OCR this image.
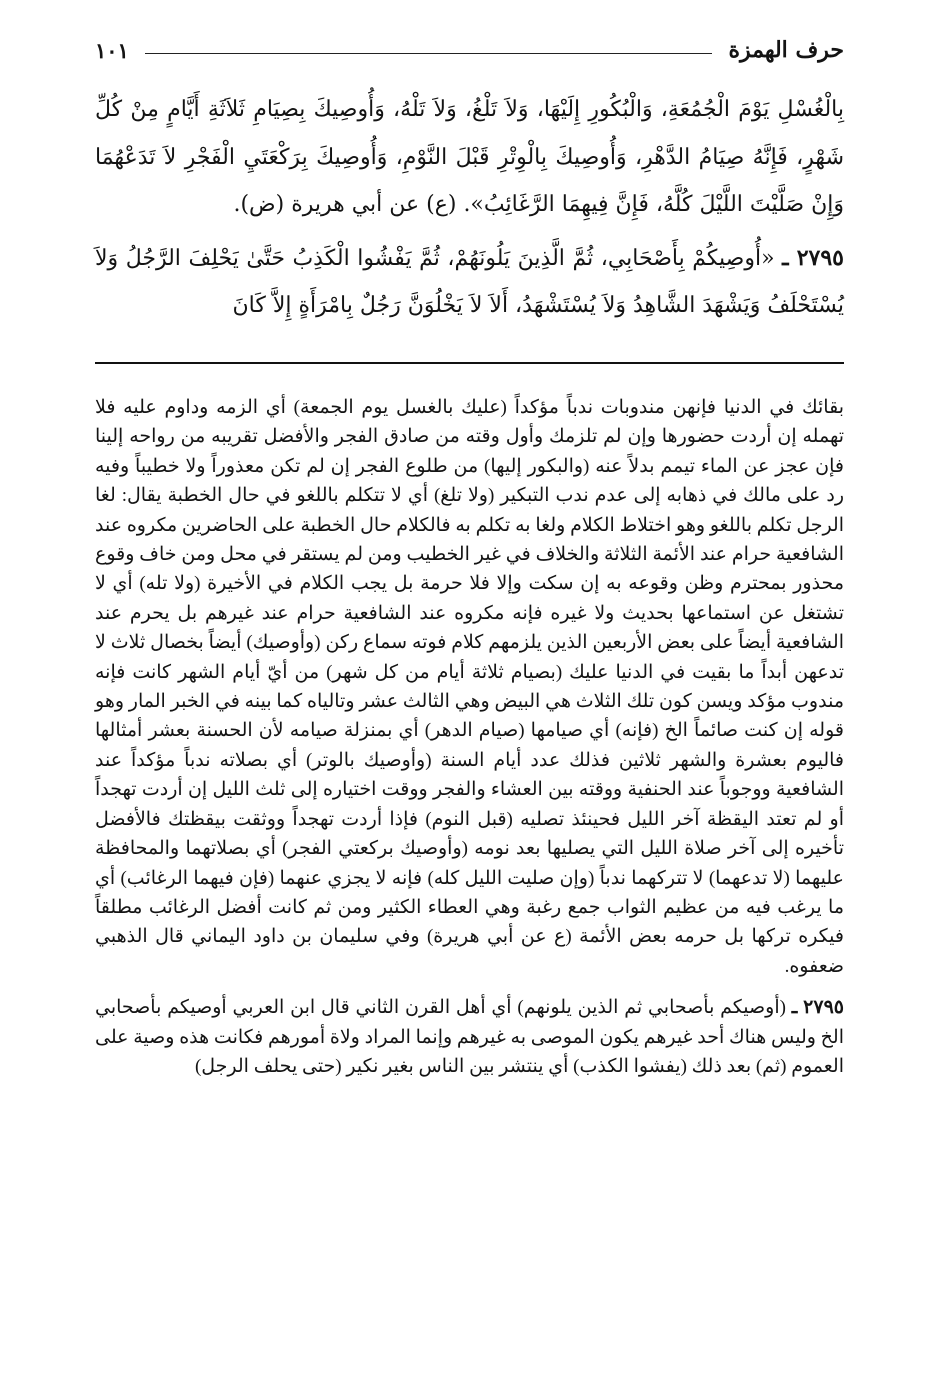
حرف الهمزة
١٠١

بِالْغُسْلِ يَوْمَ الْجُمُعَةِ، وَالْبُكُورِ إِلَيْهَا، وَلاَ تَلْغُ، وَلاَ تَلْهُ، وَأُوصِيكَ بِصِيَامِ ثَلاَثَةِ أَيَّامٍ مِنْ كُلِّ شَهْرٍ، فَإِنَّهُ صِيَامُ الدَّهْرِ، وَأُوصِيكَ بِالْوِتْرِ قَبْلَ النَّوْمِ، وَأُوصِيكَ بِرَكْعَتَيِ الْفَجْرِ لاَ تَدَعْهُمَا وَإِنْ صَلَّيْتَ اللَّيْلَ كُلَّهُ، فَإِنَّ فِيهِمَا الرَّغَائِبُ». (ع) عن أبي هريرة (ض).

٢٧٩٥ ـ «أُوصِيكُمْ بِأَصْحَابِي، ثُمَّ الَّذِينَ يَلُونَهُمْ، ثُمَّ يَفْشُوا الْكَذِبُ حَتَّىٰ يَحْلِفَ الرَّجُلُ وَلاَ يُسْتَحْلَفُ وَيَشْهَدَ الشَّاهِدُ وَلاَ يُسْتَشْهَدُ، أَلاَ لاَ يَخْلُوَنَّ رَجُلٌ بِامْرَأَةٍ إِلاَّ كَانَ

بقائك في الدنيا فإنهن مندوبات ندباً مؤكداً (عليك بالغسل يوم الجمعة) أي الزمه وداوم عليه فلا تهمله إن أردت حضورها وإن لم تلزمك وأول وقته من صادق الفجر والأفضل تقريبه من رواحه إلينا فإن عجز عن الماء تيمم بدلاً عنه (والبكور إليها) من طلوع الفجر إن لم تكن معذوراً ولا خطيباً وفيه رد على مالك في ذهابه إلى عدم ندب التبكير (ولا تلغ) أي لا تتكلم باللغو في حال الخطبة يقال: لغا الرجل تكلم باللغو وهو اختلاط الكلام ولغا به تكلم به فالكلام حال الخطبة على الحاضرين مكروه عند الشافعية حرام عند الأئمة الثلاثة والخلاف في غير الخطيب ومن لم يستقر في محل ومن خاف وقوع محذور بمحترم وظن وقوعه به إن سكت وإلا فلا حرمة بل يجب الكلام في الأخيرة (ولا تله) أي لا تشتغل عن استماعها بحديث ولا غيره فإنه مكروه عند الشافعية حرام عند غيرهم بل يحرم عند الشافعية أيضاً على بعض الأربعين الذين يلزمهم كلام فوته سماع ركن (وأوصيك) أيضاً بخصال ثلاث لا تدعهن أبداً ما بقيت في الدنيا عليك (بصيام ثلاثة أيام من كل شهر) من أيّ أيام الشهر كانت فإنه مندوب مؤكد ويسن كون تلك الثلاث هي البيض وهي الثالث عشر وتالياه كما بينه في الخبر المار وهو قوله إن كنت صائماً الخ (فإنه) أي صيامها (صيام الدهر) أي بمنزلة صيامه لأن الحسنة بعشر أمثالها فاليوم بعشرة والشهر ثلاثين فذلك عدد أيام السنة (وأوصيك بالوتر) أي بصلاته ندباً مؤكداً عند الشافعية ووجوباً عند الحنفية ووقته بين العشاء والفجر ووقت اختياره إلى ثلث الليل إن أردت تهجداً أو لم تعتد اليقظة آخر الليل فحينئذ تصليه (قبل النوم) فإذا أردت تهجداً ووثقت بيقظتك فالأفضل تأخيره إلى آخر صلاة الليل التي يصليها بعد نومه (وأوصيك بركعتي الفجر) أي بصلاتهما والمحافظة عليهما (لا تدعهما) لا تتركهما ندباً (وإن صليت الليل كله) فإنه لا يجزي عنهما (فإن فيهما الرغائب) أي ما يرغب فيه من عظيم الثواب جمع رغبة وهي العطاء الكثير ومن ثم كانت أفضل الرغائب مطلقاً فيكره تركها بل حرمه بعض الأئمة (ع عن أبي هريرة) وفي سليمان بن داود اليماني قال الذهبي ضعفوه.

٢٧٩٥ ـ (أوصيكم بأصحابي ثم الذين يلونهم) أي أهل القرن الثاني قال ابن العربي أوصيكم بأصحابي الخ وليس هناك أحد غيرهم يكون الموصى به غيرهم وإنما المراد ولاة أمورهم فكانت هذه وصية على العموم (ثم) بعد ذلك (يفشوا الكذب) أي ينتشر بين الناس بغير نكير (حتى يحلف الرجل)
